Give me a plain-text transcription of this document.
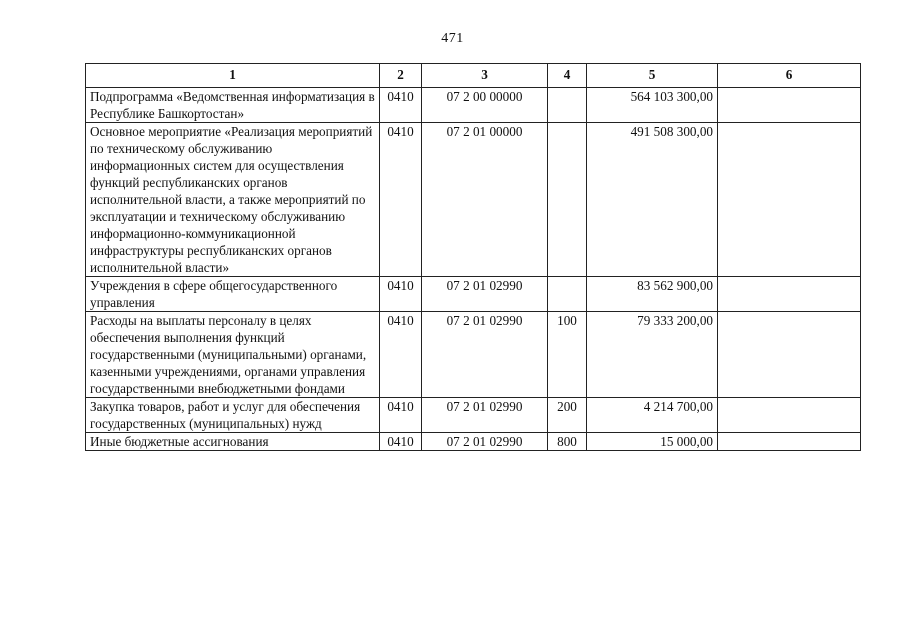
471
1	2	3	4	5	6
Подпрограмма «Ведомственная информатизация в Республике Башкортостан»	0410	07 2 00 00000		564 103 300,00	
Основное мероприятие «Реализация мероприятий по техническому обслуживанию информационных систем для осуществления функций республиканских органов исполнительной власти, а также мероприятий по эксплуатации и техническому обслуживанию информационно-коммуникационной инфраструктуры республиканских органов исполнительной власти»	0410	07 2 01 00000		491 508 300,00	
Учреждения в сфере общегосударственного управления	0410	07 2 01 02990		83 562 900,00	
Расходы на выплаты персоналу в целях обеспечения выполнения функций государственными (муниципальными) органами, казенными учреждениями, органами управления государственными внебюджетными фондами	0410	07 2 01 02990	100	79 333 200,00	
Закупка товаров, работ и услуг для обеспечения государственных (муниципальных) нужд	0410	07 2 01 02990	200	4 214 700,00	
Иные бюджетные ассигнования	0410	07 2 01 02990	800	15 000,00	
